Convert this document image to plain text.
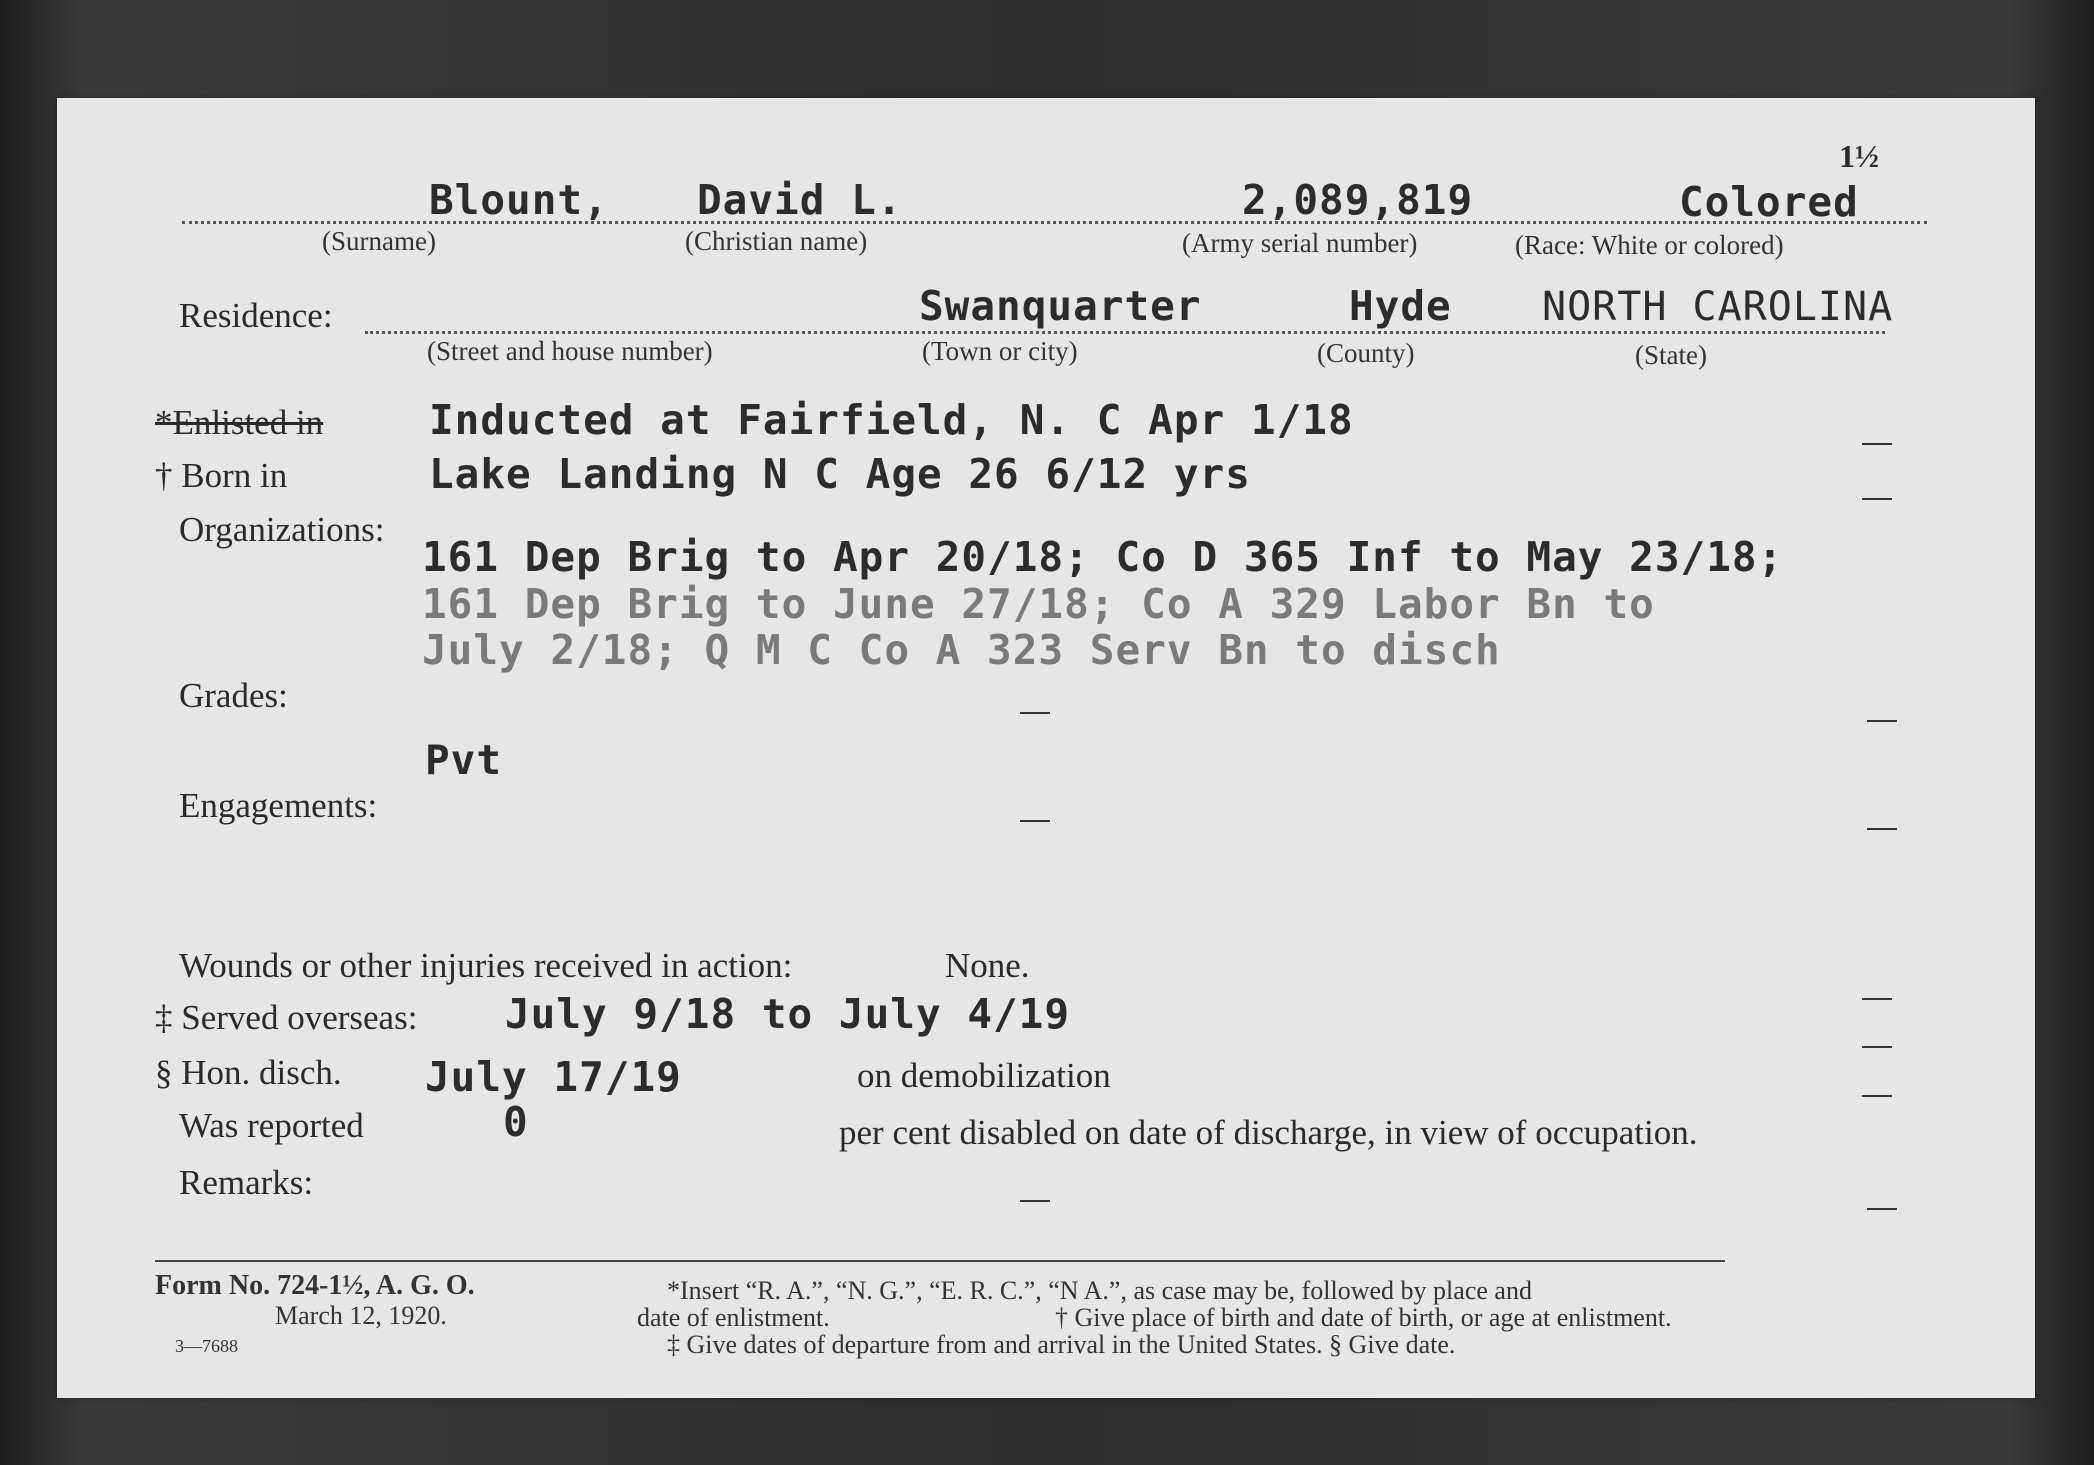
1½
Blount, David L.	2,089,819	Colored
(Surname)	(Christian name)	(Army serial number)	(Race: White or colored)
Residence:	Swanquarter	Hyde NORTH CAROLINA
(Street and house number)	(Town or city)	(County)	(State)
*Enlisted in	Inducted at Fairfield, N. C Apr 1/18
† Born in	Lake Landing N C Age 26 6/12 yrs
Organizations:
161 Dep Brig to Apr 20/18; Co D 365 Inf to May 23/18;
161 Dep Brig to June 27/18; Co A 329 Labor Bn to
July 2/18; Q M C Co A 323 Serv Bn to disch
Grades:
Pvt
Engagements:
Wounds or other injuries received in action:	None.
‡ Served overseas: July 9/18 to July 4/19
§ Hon. disch. July 17/19	on demobilization
Was reported	0	per cent disabled on date of discharge, in view of occupation.
Remarks:
Form No. 724-1½, A. G. O.
March 12, 1920.
3—7688
*Insert “R. A.”, “N. G.”, “E. R. C.”, “N A.”, as case may be, followed by place and
date of enlistment.	† Give place of birth and date of birth, or age at enlistment.
‡ Give dates of departure from and arrival in the United States. § Give date.
